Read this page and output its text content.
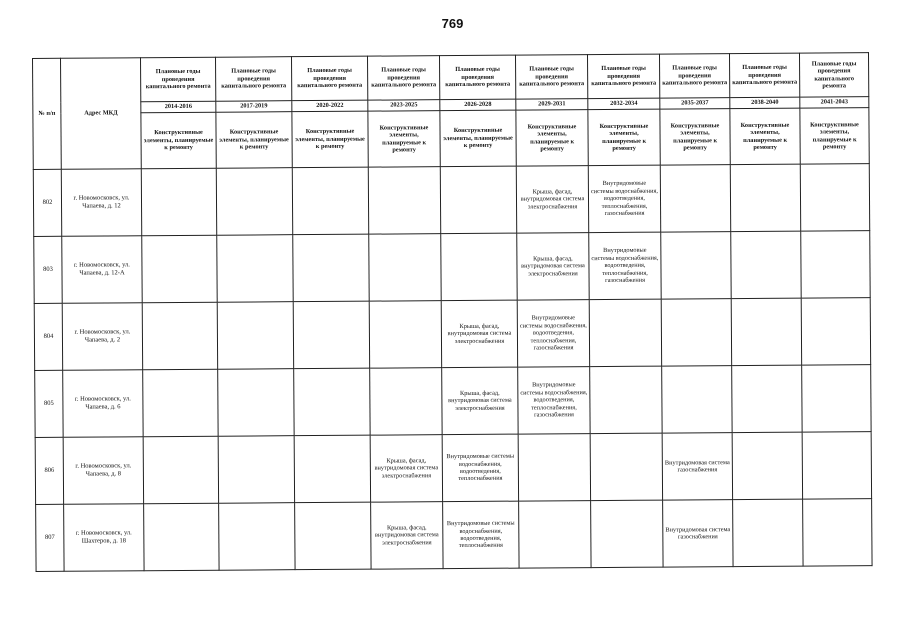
769
№ п/п	Адрес МКД	Плановые годы проведения капитального ремонта	Плановые годы проведения капитального ремонта	Плановые годы проведения капитального ремонта	Плановые годы проведения капитального ремонта	Плановые годы проведения капитального ремонта	Плановые годы проведения капитального ремонта	Плановые годы проведения капитального ремонта	Плановые годы проведения капитального ремонта	Плановые годы проведения капитального ремонта	Плановые годы проведения капитального ремонта
		2014-2016	2017-2019	2020-2022	2023-2025	2026-2028	2029-2031	2032-2034	2035-2037	2038-2040	2041-2043
		Конструктивные элементы, планируемые к ремонту	Конструктивные элементы, планируемые к ремонту	Конструктивные элементы, планируемые к ремонту	Конструктивные элементы, планируемые к ремонту	Конструктивные элементы, планируемые к ремонту	Конструктивные элементы, планируемые к ремонту	Конструктивные элементы, планируемые к ремонту	Конструктивные элементы, планируемые к ремонту	Конструктивные элементы, планируемые к ремонту	Конструктивные элементы, планируемые к ремонту
802	г. Новомосковск, ул. Чапаева, д. 12						Крыша, фасад, внутридомовая система электроснабжения	Внутридомовые системы водоснабжения, водоотведения, теплоснабжения, газоснабжения			
803	г. Новомосковск, ул. Чапаева, д. 12-А						Крыша, фасад, внутридомовая система электроснабжения	Внутридомовые системы водоснабжения, водоотведения, теплоснабжения, газоснабжения			
804	г. Новомосковск, ул. Чапаева, д. 2					Крыша, фасад, внутридомовая система электроснабжения	Внутридомовые системы водоснабжения, водоотведения, теплоснабжения, газоснабжения				
805	г. Новомосковск, ул. Чапаева, д. 6					Крыша, фасад, внутридомовая система электроснабжения	Внутридомовые системы водоснабжения, водоотведения, теплоснабжения, газоснабжения				
806	г. Новомосковск, ул. Чапаева, д. 8				Крыша, фасад, внутридомовая система электроснабжения	Внутридомовые системы водоснабжения, водоотведения, теплоснабжения			Внутридомовая система газоснабжения		
807	г. Новомосковск, ул. Шахтеров, д. 18				Крыша, фасад, внутридомовая система электроснабжения	Внутридомовые системы водоснабжения, водоотведения, теплоснабжения			Внутридомовая система газоснабжения		
